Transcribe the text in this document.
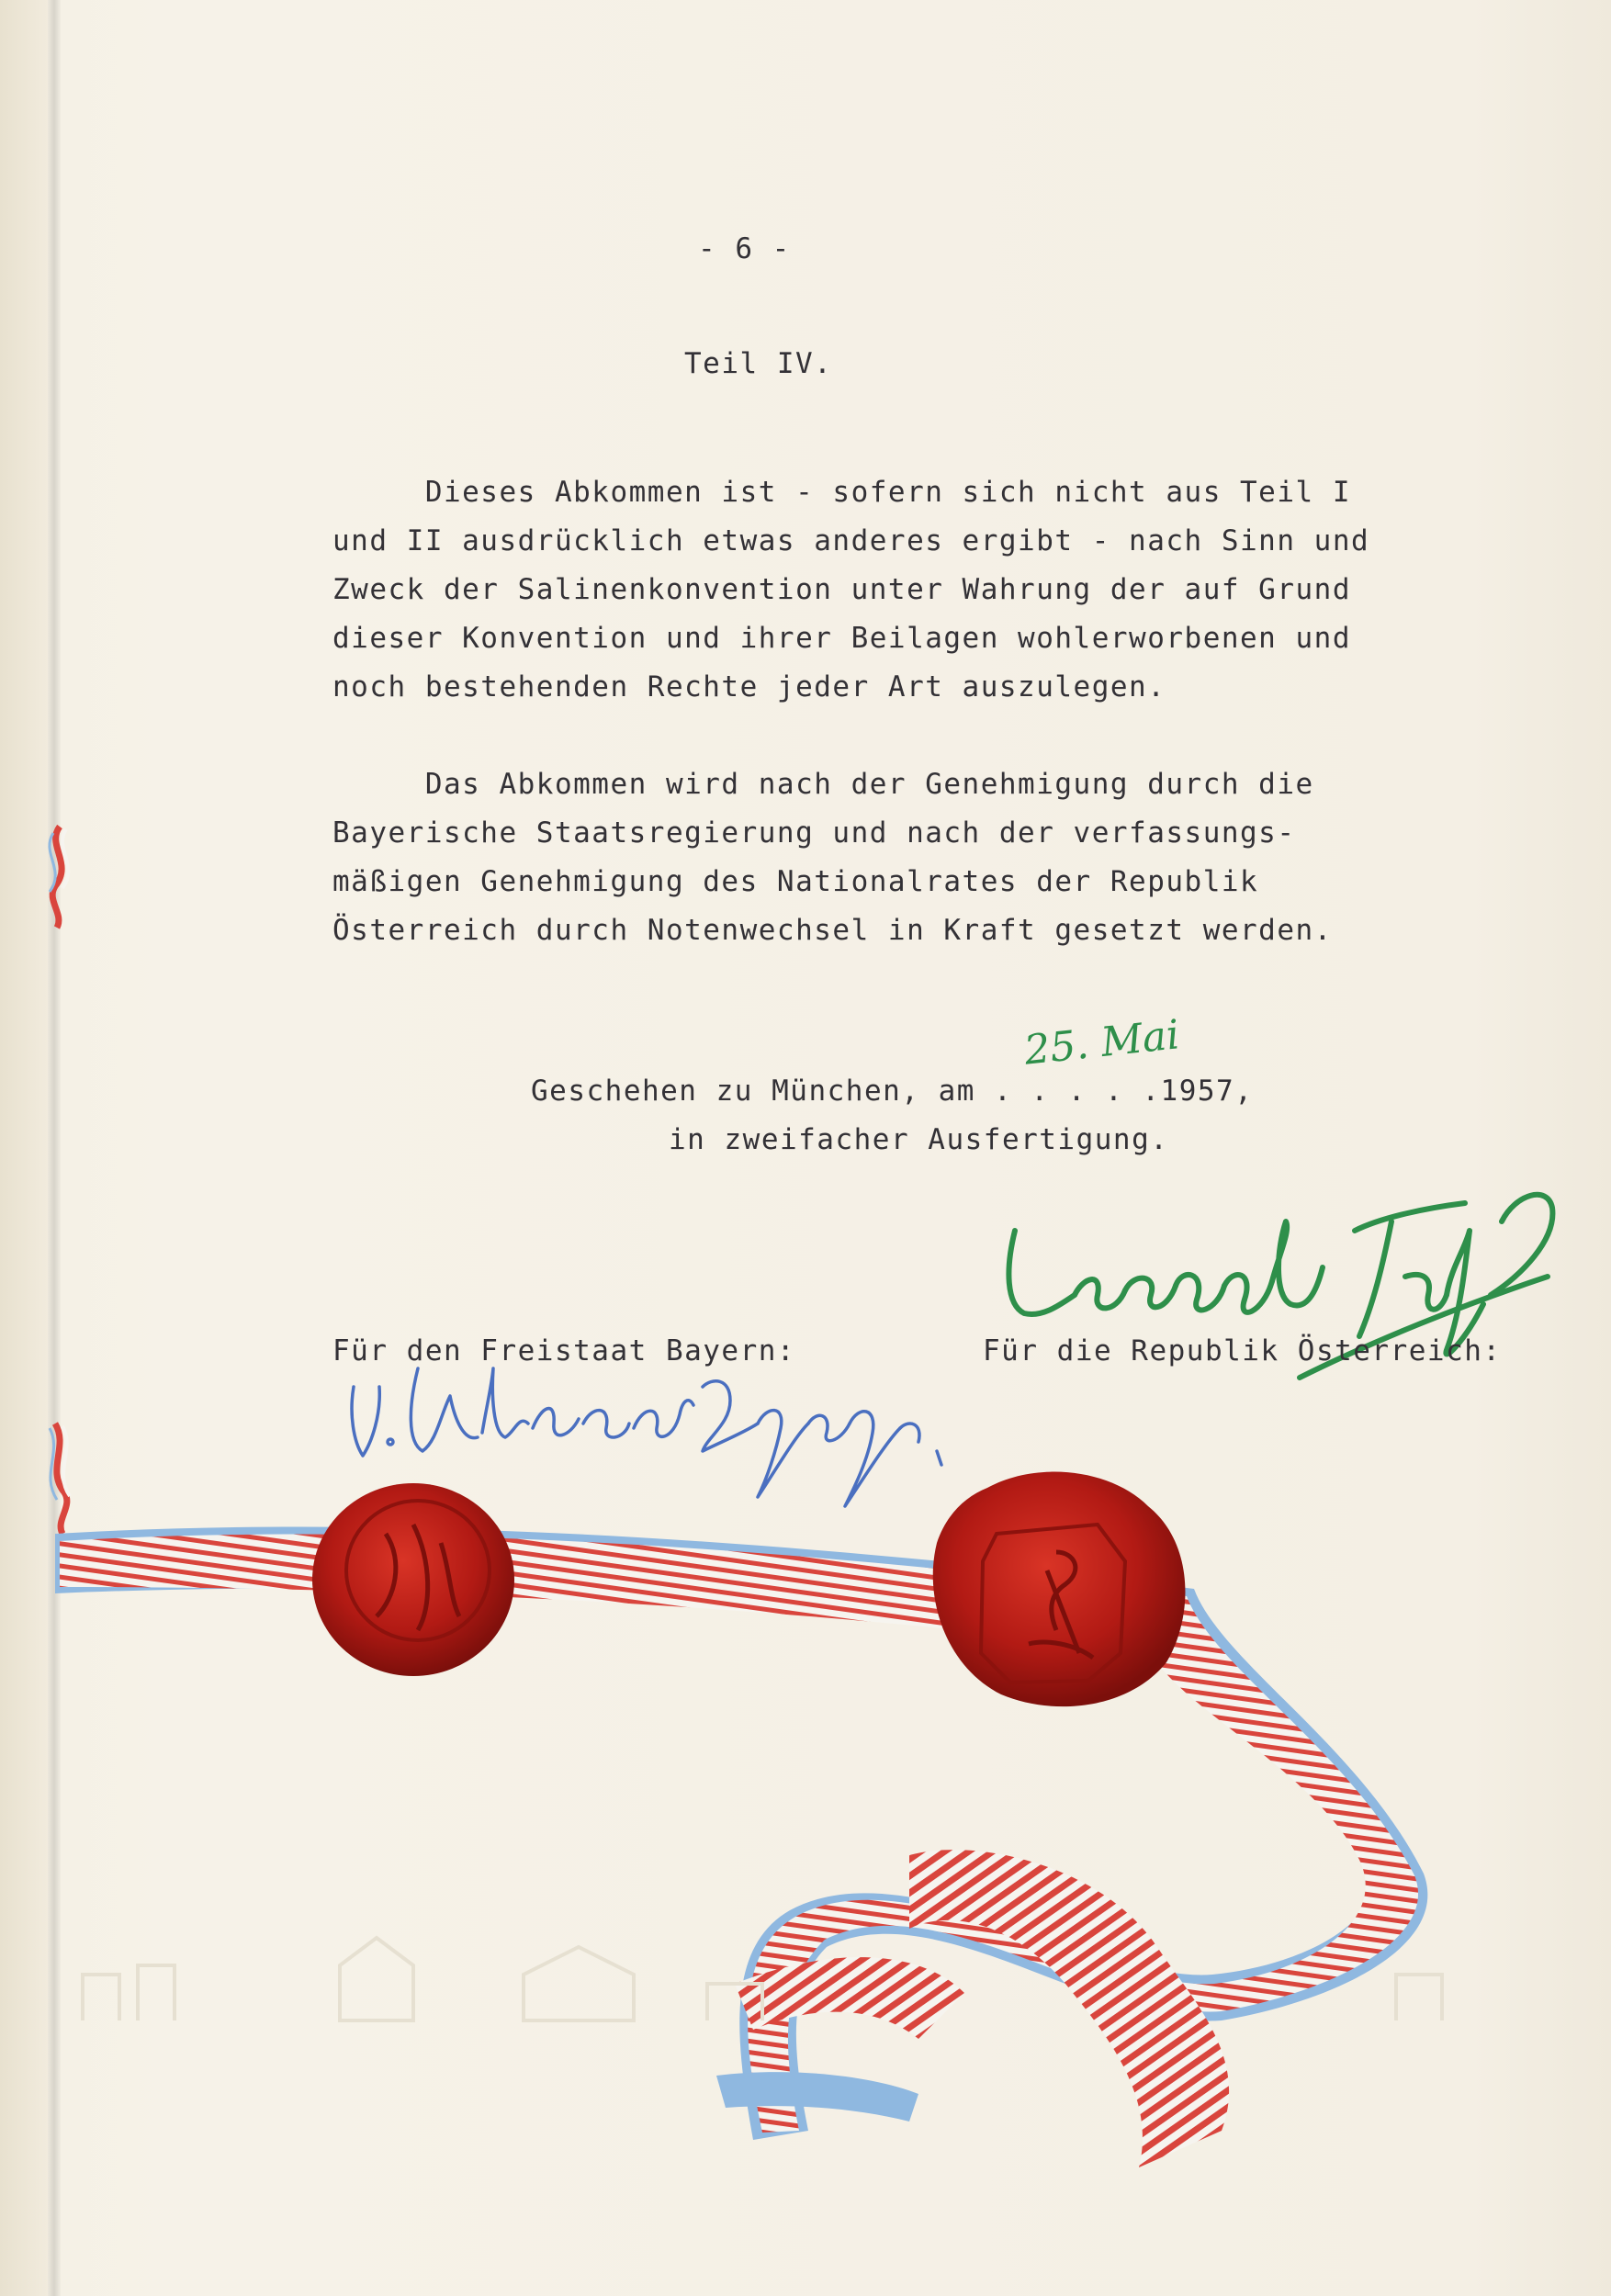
- 6 -
Teil IV.
Dieses Abkommen ist - sofern sich nicht aus Teil I
und II ausdrücklich etwas anderes ergibt - nach Sinn und
Zweck der Salinenkonvention unter Wahrung der auf Grund
dieser Konvention und ihrer Beilagen wohlerworbenen und
noch bestehenden Rechte jeder Art auszulegen.
Das Abkommen wird nach der Genehmigung durch die
Bayerische Staatsregierung und nach der verfassungs-
mäßigen Genehmigung des Nationalrates der Republik
Österreich durch Notenwechsel in Kraft gesetzt werden.
Geschehen zu München, am . . . . .1957,
in zweifacher Ausfertigung.
25. Mai
Für den Freistaat Bayern:	Für die Republik Österreich:
